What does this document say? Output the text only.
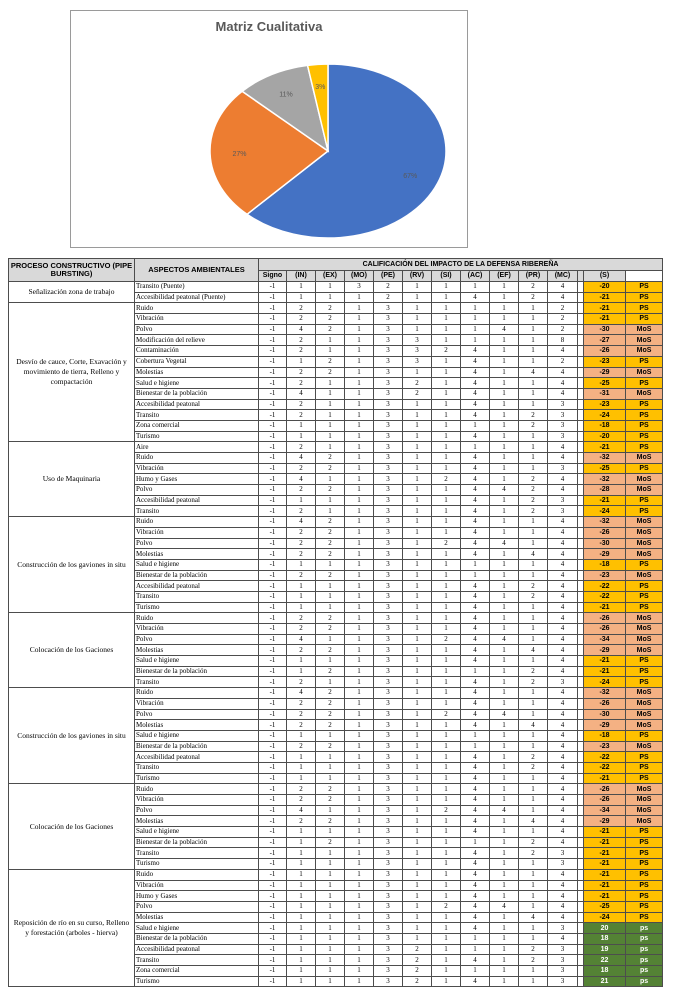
Matriz Cualitativa
67%
27%
11%
3%
PROCESO CONSTRUCTIVO (PIPE BURSTING)	ASPECTOS AMBIENTALES	CALIFICACIÓN DEL IMPACTO DE LA DEFENSA RIBEREÑA	
		Signo	(IN)	(EX)	(MO)	(PE)	(RV)	(SI)	(AC)	(EF)	(PR)	(MC)		(S)		
Señalización zona de trabajo	Transito (Puente)	-1	1	1	3	2	1	1	1	1	2	4		-20	PS	
	Accesibilidad peatonal (Puente)	-1	1	1	1	2	1	1	4	1	2	4		-21	PS	
Desvío de cauce, Corte, Exavación y movimiento de tierra, Relleno y compactación	Ruido	-1	2	2	1	3	1	1	1	1	1	2		-21	PS	
	Vibración	-1	2	2	1	3	1	1	1	1	1	2		-21	PS	
	Polvo	-1	4	2	1	3	1	1	1	4	1	2		-30	MoS	
	Modificación del relieve	-1	2	1	1	3	3	1	1	1	1	8		-27	MoS	
	Contaminación	-1	2	1	1	3	3	2	4	1	1	4		-26	MoS	
	Cobertura Vegetal	-1	1	2	1	3	3	1	4	1	1	2		-23	PS	
	Molestias	-1	2	2	1	3	1	1	4	1	4	4		-29	MoS	
	Salud e higiene	-1	2	1	1	3	2	1	4	1	1	4		-25	PS	
	Bienestar de la población	-1	4	1	1	3	2	1	4	1	1	4		-31	MoS	
	Accesibilidad peatonal	-1	2	1	1	3	1	1	4	1	1	3		-23	PS	
	Transito	-1	2	1	1	3	1	1	4	1	2	3		-24	PS	
	Zona comercial	-1	1	1	1	3	1	1	1	1	2	3		-18	PS	
	Turismo	-1	1	1	1	3	1	1	4	1	1	3		-20	PS	
Uso de Maquinaria	Aire	-1	2	1	1	3	1	1	1	1	1	4		-21	PS	
	Ruido	-1	4	2	1	3	1	1	4	1	1	4		-32	MoS	
	Vibración	-1	2	2	1	3	1	1	4	1	1	3		-25	PS	
	Humo y Gases	-1	4	1	1	3	1	2	4	1	2	4		-32	MoS	
	Polvo	-1	2	2	1	3	1	1	4	4	2	4		-28	MoS	
	Accesibilidad peatonal	-1	1	1	1	3	1	1	4	1	2	3		-21	PS	
	Transito	-1	2	1	1	3	1	1	4	1	2	3		-24	PS	
Construcción de los gaviones in situ	Ruido	-1	4	2	1	3	1	1	4	1	1	4		-32	MoS	
	Vibración	-1	2	2	1	3	1	1	4	1	1	4		-26	MoS	
	Polvo	-1	2	2	1	3	1	2	4	4	1	4		-30	MoS	
	Molestias	-1	2	2	1	3	1	1	4	1	4	4		-29	MoS	
	Salud e higiene	-1	1	1	1	3	1	1	1	1	1	4		-18	PS	
	Bienestar de la población	-1	2	2	1	3	1	1	1	1	1	4		-23	MoS	
	Accesibilidad peatonal	-1	1	1	1	3	1	1	4	1	2	4		-22	PS	
	Transito	-1	1	1	1	3	1	1	4	1	2	4		-22	PS	
	Turismo	-1	1	1	1	3	1	1	4	1	1	4		-21	PS	
Colocación de los Gaciones	Ruido	-1	2	2	1	3	1	1	4	1	1	4		-26	MoS	
	Vibración	-1	2	2	1	3	1	1	4	1	1	4		-26	MoS	
	Polvo	-1	4	1	1	3	1	2	4	4	1	4		-34	MoS	
	Molestias	-1	2	2	1	3	1	1	4	1	4	4		-29	MoS	
	Salud e higiene	-1	1	1	1	3	1	1	4	1	1	4		-21	PS	
	Bienestar de la población	-1	1	2	1	3	1	1	1	1	2	4		-21	PS	
	Transito	-1	2	1	1	3	1	1	4	1	2	3		-24	PS	
Construcción de los gaviones in situ	Ruido	-1	4	2	1	3	1	1	4	1	1	4		-32	MoS	
	Vibración	-1	2	2	1	3	1	1	4	1	1	4		-26	MoS	
	Polvo	-1	2	2	1	3	1	2	4	4	1	4		-30	MoS	
	Molestias	-1	2	2	1	3	1	1	4	1	4	4		-29	MoS	
	Salud e higiene	-1	1	1	1	3	1	1	1	1	1	4		-18	PS	
	Bienestar de la población	-1	2	2	1	3	1	1	1	1	1	4		-23	MoS	
	Accesibilidad peatonal	-1	1	1	1	3	1	1	4	1	2	4		-22	PS	
	Transito	-1	1	1	1	3	1	1	4	1	2	4		-22	PS	
	Turismo	-1	1	1	1	3	1	1	4	1	1	4		-21	PS	
Colocación de los Gaciones	Ruido	-1	2	2	1	3	1	1	4	1	1	4		-26	MoS	
	Vibración	-1	2	2	1	3	1	1	4	1	1	4		-26	MoS	
	Polvo	-1	4	1	1	3	1	2	4	4	1	4		-34	MoS	
	Molestias	-1	2	2	1	3	1	1	4	1	4	4		-29	MoS	
	Salud e higiene	-1	1	1	1	3	1	1	4	1	1	4		-21	PS	
	Bienestar de la población	-1	1	2	1	3	1	1	1	1	2	4		-21	PS	
	Transito	-1	1	1	1	3	1	1	4	1	2	3		-21	PS	
	Turismo	-1	1	1	1	3	1	1	4	1	1	3		-21	PS	
Reposición de río en su curso, Relleno y forestación (arboles - hierva)	Ruido	-1	1	1	1	3	1	1	4	1	1	4		-21	PS	
	Vibración	-1	1	1	1	3	1	1	4	1	1	4		-21	PS	
	Humo y Gases	-1	1	1	1	3	1	1	4	1	1	4		-21	PS	
	Polvo	-1	1	1	1	3	1	2	4	4	1	4		-25	PS	
	Molestias	-1	1	1	1	3	1	1	4	1	4	4		-24	PS	
	Salud e higiene	-1	1	1	1	3	1	1	4	1	1	3		20	ps	
	Bienestar de la población	-1	1	1	1	3	1	1	1	1	1	4		18	ps	
	Accesibilidad peatonal	-1	1	1	1	3	2	1	1	1	2	3		19	ps	
	Transito	-1	1	1	1	3	2	1	4	1	2	3		22	ps	
	Zona comercial	-1	1	1	1	3	2	1	1	1	1	3		18	ps	
	Turismo	-1	1	1	1	3	2	1	4	1	1	3		21	ps	
